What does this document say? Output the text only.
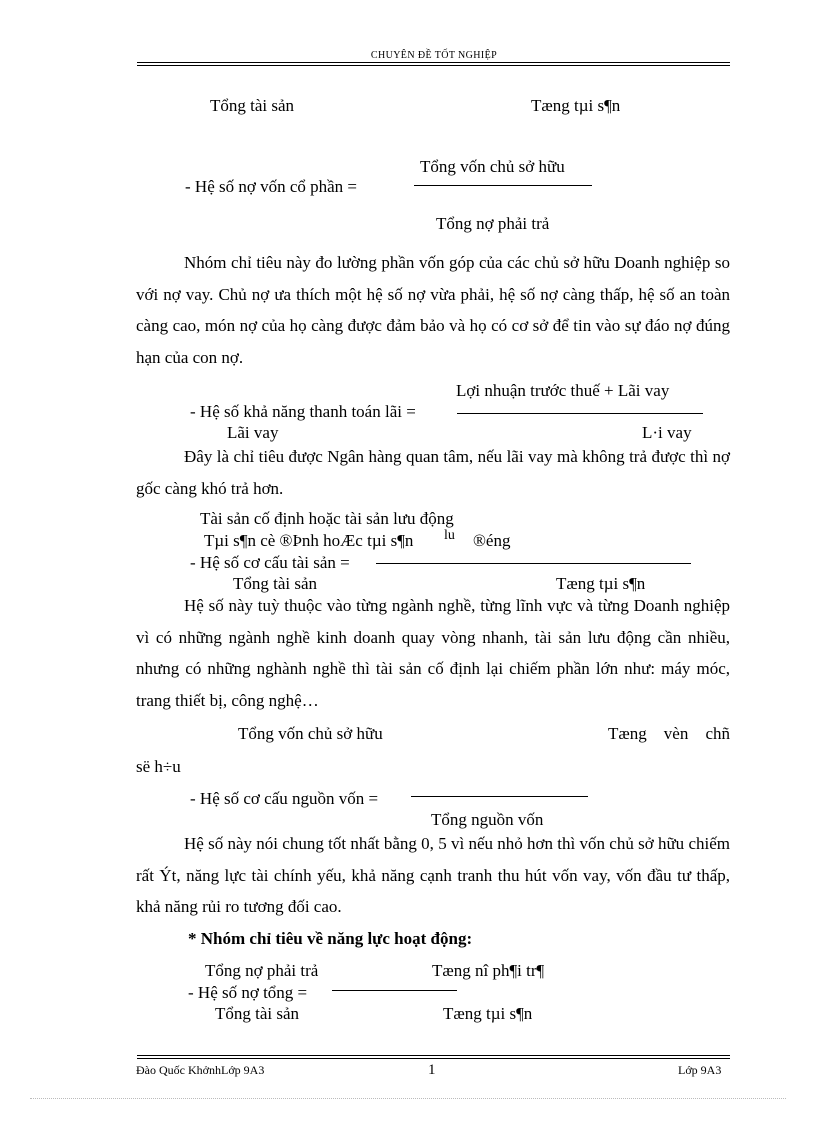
CHUYÊN ĐỀ TỐT NGHIỆP
Tổng tài sản	Tæng tµi s¶n
Tổng vốn chủ sở hữu
- Hệ số nợ vốn cổ phần =
Tổng nợ phải trả
Nhóm chỉ tiêu này đo lường phần vốn góp của các chủ sở hữu Doanh nghiệp so với nợ vay. Chủ nợ ưa thích một hệ số nợ vừa phải, hệ số nợ càng thấp, hệ số an toàn càng cao, món nợ của họ càng được đảm bảo và họ có cơ sở để tin vào sự đáo nợ đúng hạn của con nợ.
Lợi nhuận trước thuế + Lãi vay
- Hệ số khả năng thanh toán lãi =
Lãi vay	L·i vay
Đây là chỉ tiêu được Ngân hàng quan tâm, nếu lãi vay mà không trả được thì nợ gốc càng khó trả hơn.
Tài sản cố định hoặc tài sản lưu động
Tµi s¶n cè ®Þnh hoÆc tµi s¶n lu ®éng
- Hệ số cơ cấu tài sản =
Tổng tài sản	Tæng tµi s¶n
Hệ số này tuỳ thuộc vào từng ngành nghề, từng lĩnh vực và từng Doanh nghiệp vì có những ngành nghề kinh doanh quay vòng nhanh, tài sản lưu động cần nhiều, nhưng có những nghành nghề thì tài sản cố định lại chiếm phần lớn như: máy móc, trang thiết bị, công nghệ…
Tổng vốn chủ sở hữu	Tæng vèn chñ
së h÷u
- Hệ số cơ cấu nguồn vốn =
Tổng nguồn vốn
Hệ số này nói chung tốt nhất bằng 0, 5 vì nếu nhỏ hơn thì vốn chủ sở hữu chiếm rất Ýt, năng lực tài chính yếu, khả năng cạnh tranh thu hút vốn vay, vốn đầu tư thấp, khả năng rủi ro tương đối cao.
* Nhóm chỉ tiêu về năng lực hoạt động:
Tổng nợ phải trả	Tæng nî ph¶i tr¶
- Hệ số nợ tổng =
Tổng tài sản	Tæng tµi s¶n
Đào Quốc KhởnhLớp 9A3	1	Lớp 9A3
